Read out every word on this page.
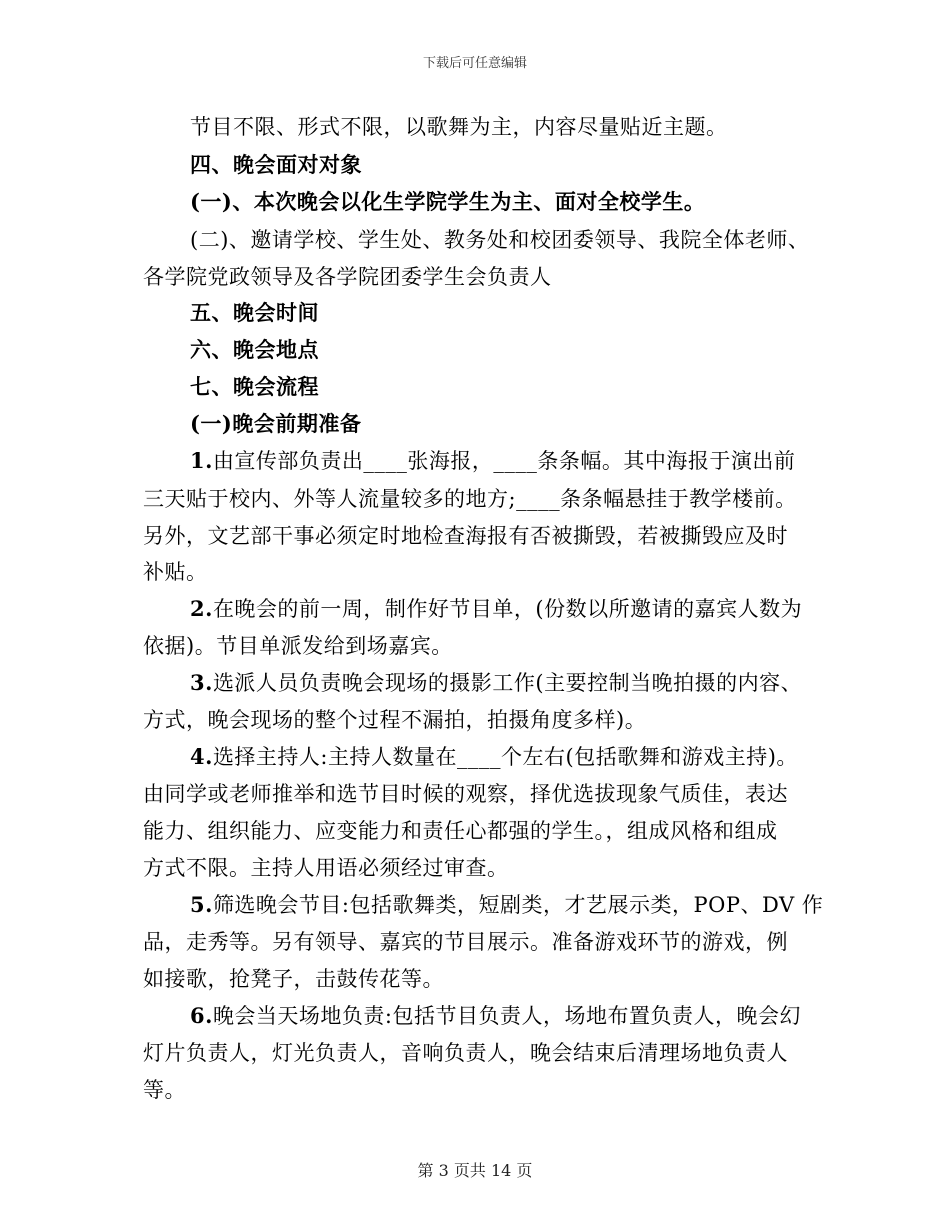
下载后可任意编辑
节目不限、形式不限，以歌舞为主，内容尽量贴近主题。
四、晚会面对对象
(一)、本次晚会以化生学院学生为主、面对全校学生。
(二)、邀请学校、学生处、教务处和校团委领导、我院全体老师、
各学院党政领导及各学院团委学生会负责人
五、晚会时间
六、晚会地点
七、晚会流程
(一)晚会前期准备
1.由宣传部负责出____张海报，____条条幅。其中海报于演出前
三天贴于校内、外等人流量较多的地方;____条条幅悬挂于教学楼前。
另外，文艺部干事必须定时地检查海报有否被撕毁，若被撕毁应及时
补贴。
2.在晚会的前一周，制作好节目单，(份数以所邀请的嘉宾人数为
依据)。节目单派发给到场嘉宾。
3.选派人员负责晚会现场的摄影工作(主要控制当晚拍摄的内容、
方式，晚会现场的整个过程不漏拍，拍摄角度多样)。
4.选择主持人:主持人数量在____个左右(包括歌舞和游戏主持)。
由同学或老师推举和选节目时候的观察，择优选拔现象气质佳，表达
能力、组织能力、应变能力和责任心都强的学生。，组成风格和组成
方式不限。主持人用语必须经过审查。
5.筛选晚会节目:包括歌舞类，短剧类，才艺展示类，POP、DV 作
品，走秀等。另有领导、嘉宾的节目展示。准备游戏环节的游戏，例
如接歌，抢凳子，击鼓传花等。
6.晚会当天场地负责:包括节目负责人，场地布置负责人，晚会幻
灯片负责人，灯光负责人，音响负责人，晚会结束后清理场地负责人
等。
第 3 页共 14 页
